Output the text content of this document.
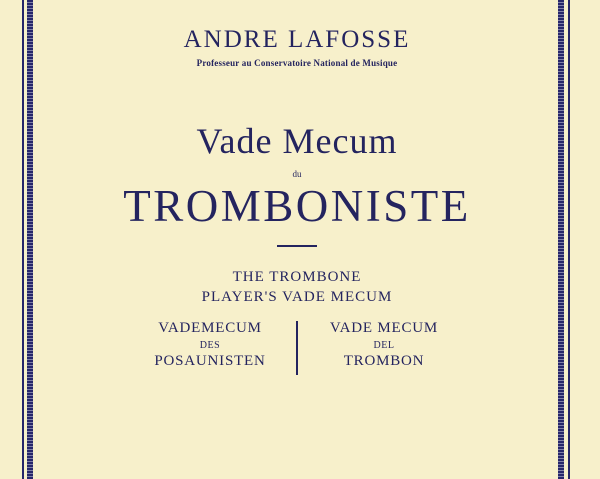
ANDRE LAFOSSE
Professeur au Conservatoire National de Musique
Vade Mecum
du
TROMBONISTE
THE TROMBONE
PLAYER'S VADE MECUM
VADEMECUM
DES
POSAUNISTEN
VADE MECUM
DEL
TROMBON
